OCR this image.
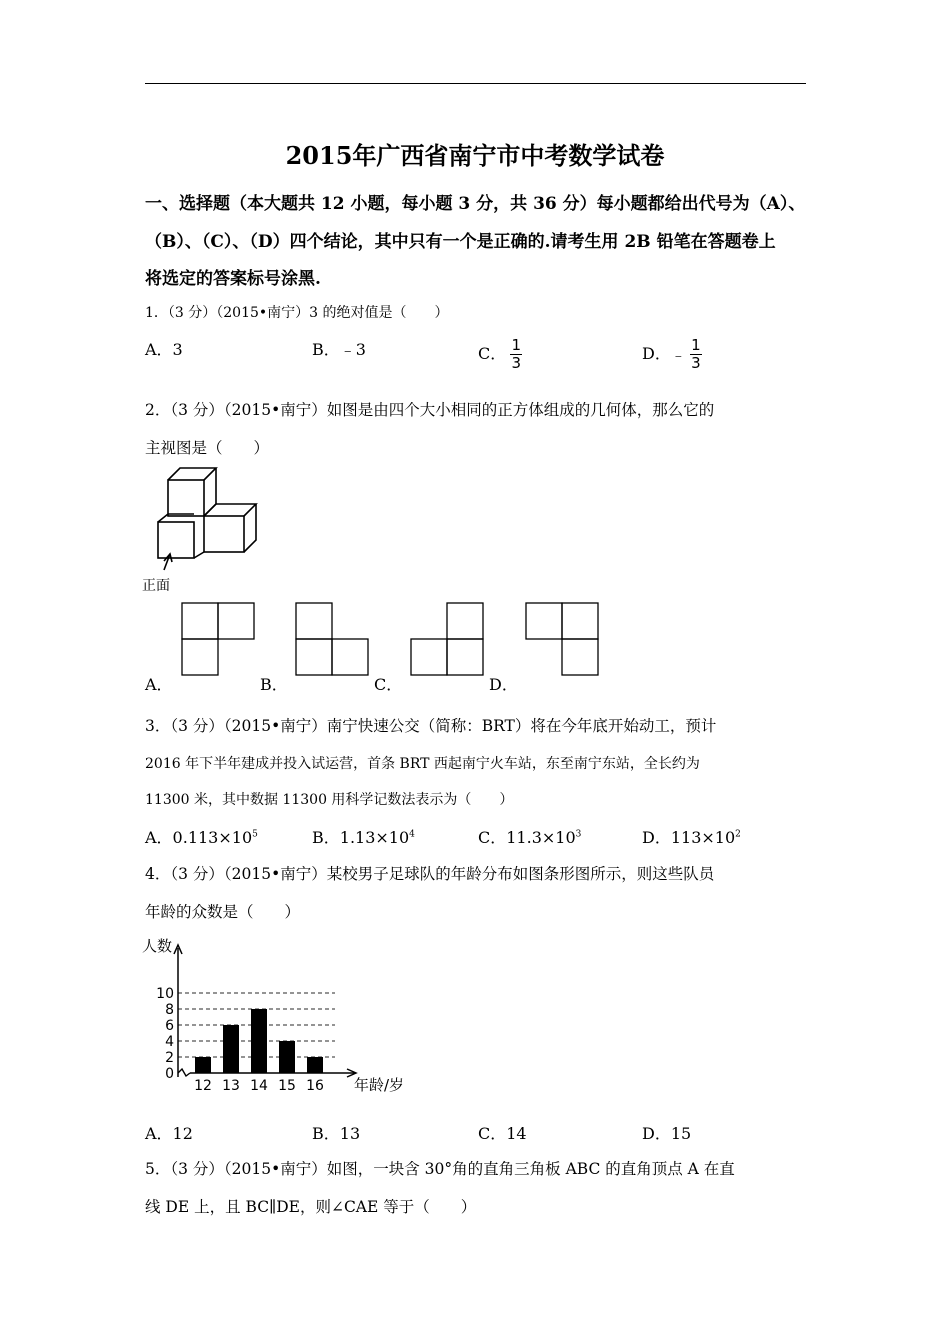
2015年广西省南宁市中考数学试卷
一、选择题（本大题共 12 小题，每小题 3 分，共 36 分）每小题都给出代号为（A）、
（B）、（C）、（D）四个结论，其中只有一个是正确的.请考生用 2B 铅笔在答题卷上
将选定的答案标号涂黑.
1．（3 分）（2015•南宁）3 的绝对值是（　　）
A．3	B．﹣3	C． $\frac{1}{3}$	D．﹣ $\frac{1}{3}$
2．（3 分）（2015•南宁）如图是由四个大小相同的正方体组成的几何体，那么它的
主视图是（　　）
正面
A．	B．	C．	D．
3．（3 分）（2015•南宁）南宁快速公交（简称：BRT）将在今年底开始动工，预计
2016 年下半年建成并投入试运营，首条 BRT 西起南宁火车站，东至南宁东站，全长约为
11300 米，其中数据 11300 用科学记数法表示为（　　）
A．$0.113\times 10^5$	B．$1.13\times 10^4$	C．$11.3\times 10^3$	D．$113\times 10^2$
4．（3 分）（2015•南宁）某校男子足球队的年龄分布如图条形图所示，则这些队员
年龄的众数是（　　）
0
2
4
6
8
10
12 13 14 15 16
人数
年龄/岁
A．12	B．13	C．14	D．15
5．（3 分）（2015•南宁）如图，一块含 30°角的直角三角板 ABC 的直角顶点 A 在直
线 DE 上，且 BC∥DE，则∠CAE 等于（　　）
